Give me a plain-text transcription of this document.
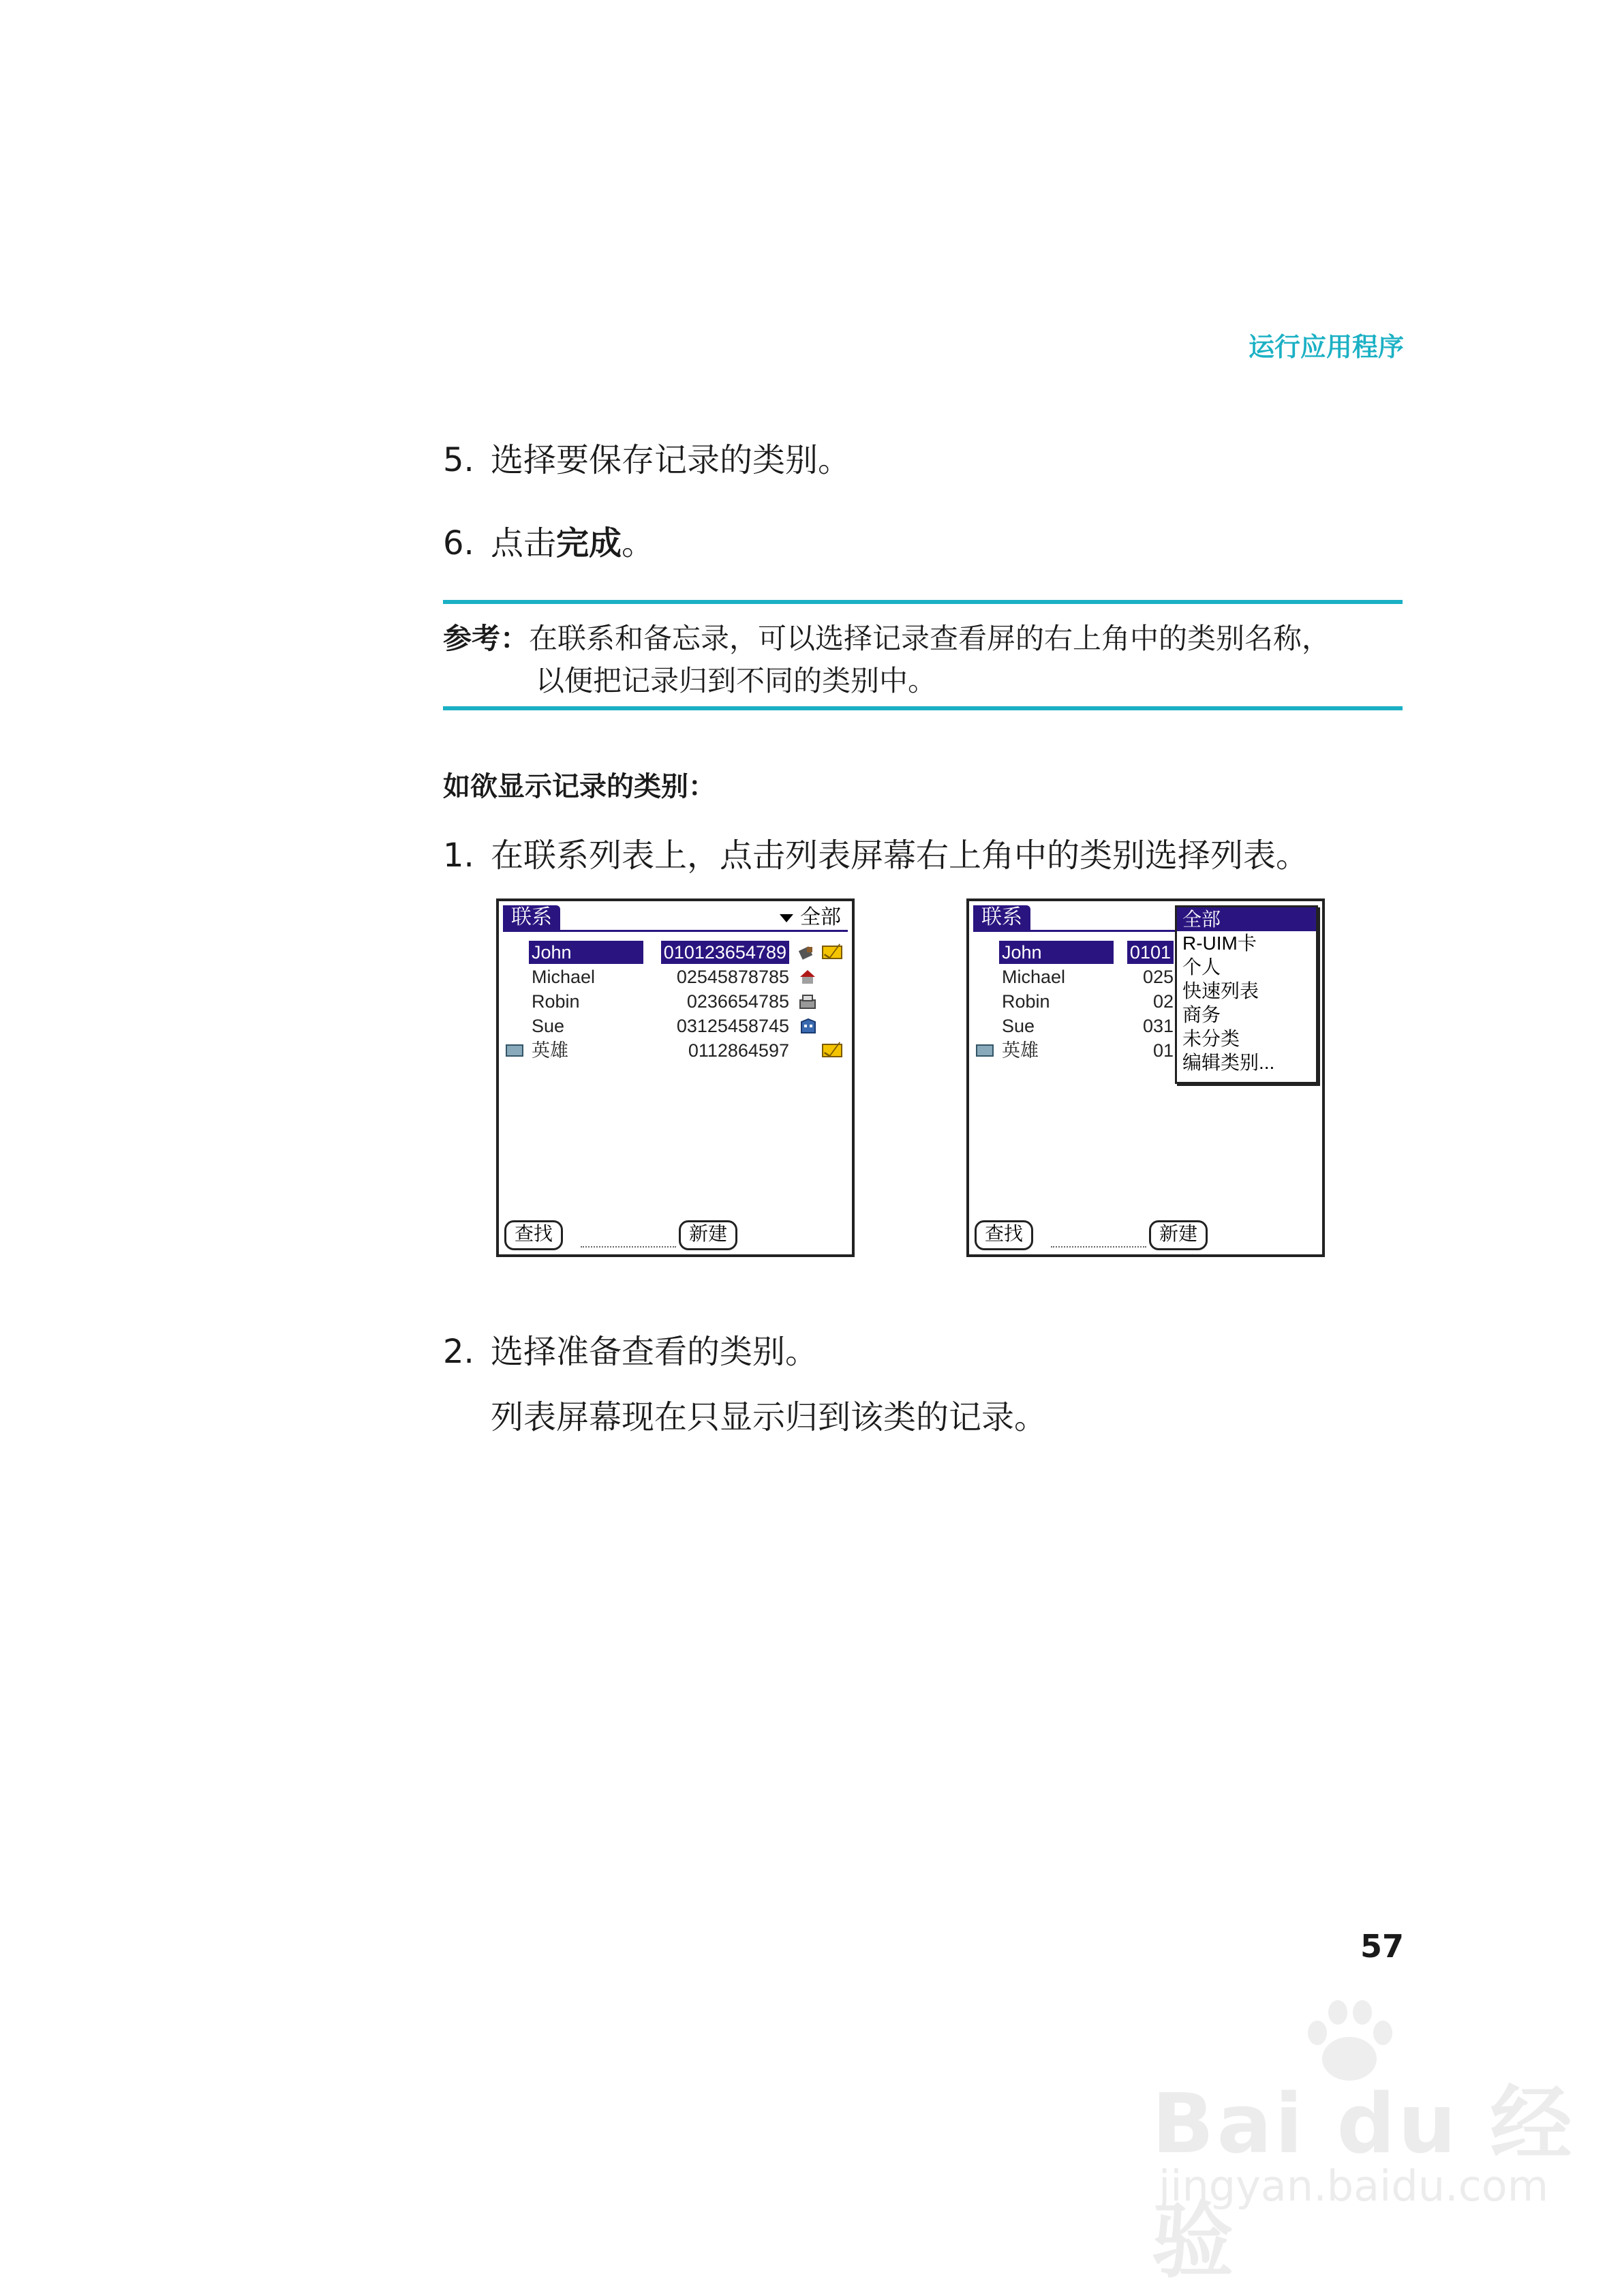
运行应用程序
5. 选择要保存记录的类别。
6. 点击完成。
参考：在联系和备忘录，可以选择记录查看屏的右上角中的类别名称，
以便把记录归到不同的类别中。
如欲显示记录的类别：
1. 在联系列表上，点击列表屏幕右上角中的类别选择列表。
联系	全部
John	010123654789
Michael	02545878785
Robin	0236654785
Sue	03125458745
英雄	0112864597
查找	新建
联系
John	0101
Michael	025
Robin	02
Sue	031
英雄	01
全部
R-UIM卡
个人
快速列表
商务
未分类
编辑类别...
查找	新建
2. 选择准备查看的类别。
列表屏幕现在只显示归到该类的记录。
57
Bai du 经验
jingyan.baidu.com
